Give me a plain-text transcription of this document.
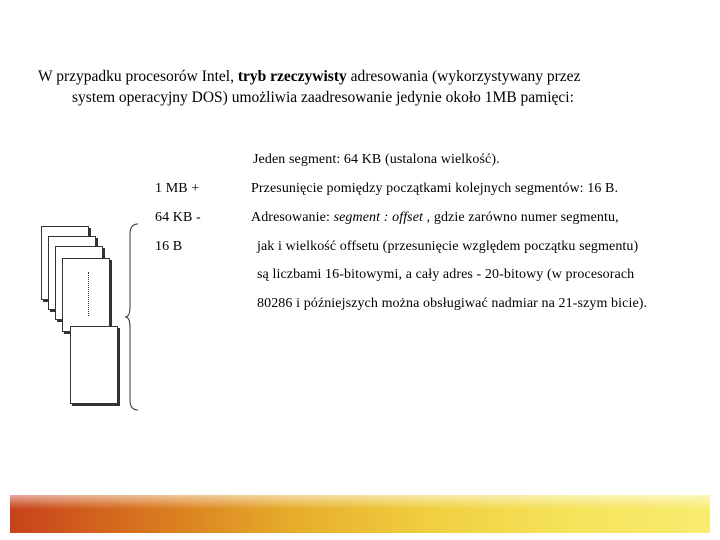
W przypadku procesorów Intel, tryb rzeczywisty adresowania (wykorzystywany przez
system operacyjny DOS) umożliwia zaadresowanie jedynie około 1MB pamięci:
1 MB +
64 KB -
16 B
Jeden segment: 64 KB (ustalona wielkość).
Przesunięcie pomiędzy początkami kolejnych segmentów: 16 B.
Adresowanie: segment : offset , gdzie zarówno numer segmentu,
jak i wielkość offsetu (przesunięcie względem początku segmentu)
są liczbami 16-bitowymi, a cały adres - 20-bitowy (w procesorach
80286 i późniejszych można obsługiwać nadmiar na 21-szym bicie).
